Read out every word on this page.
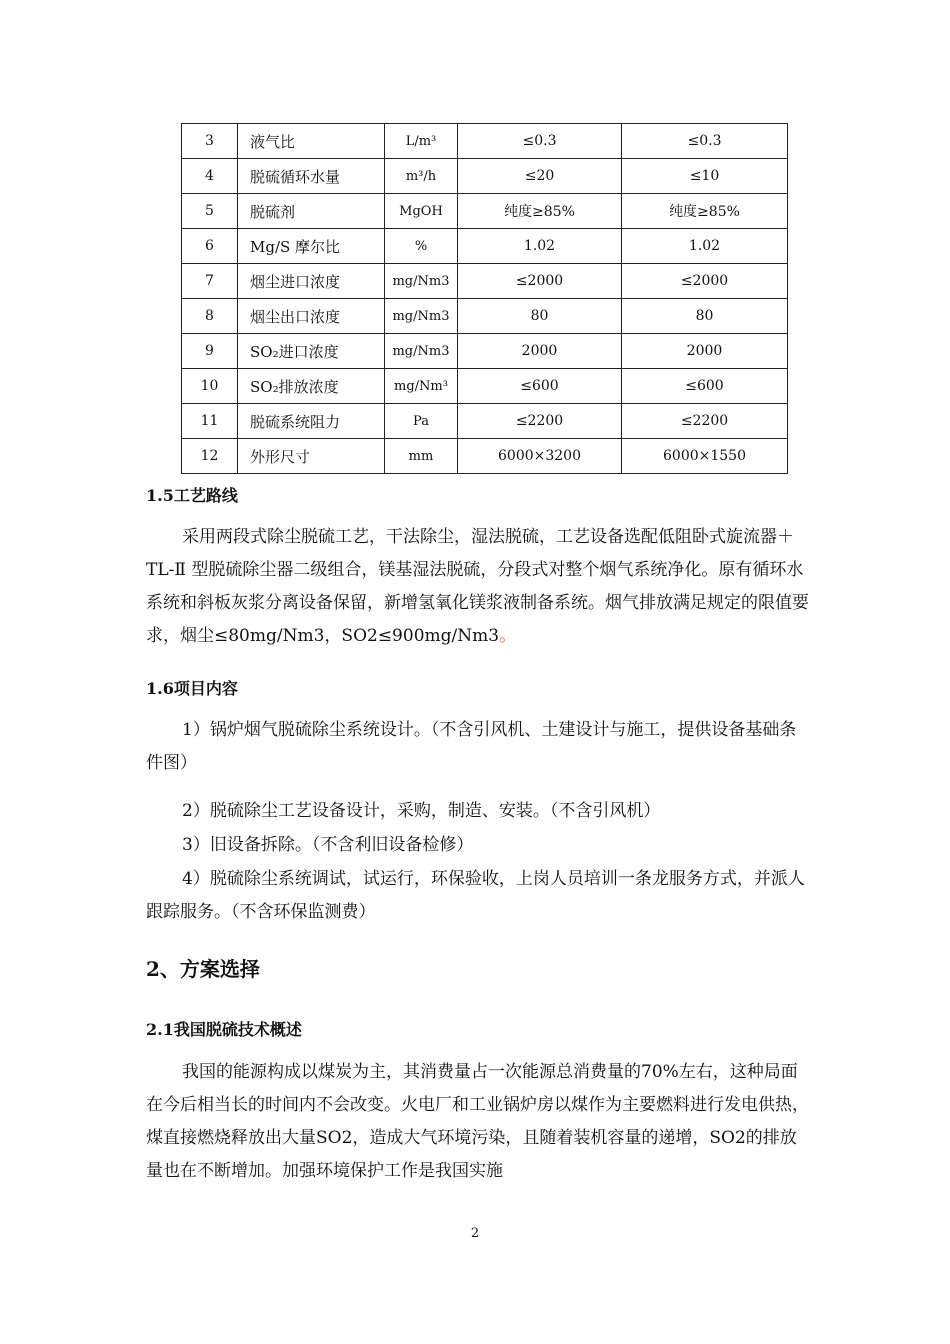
3	液气比	L/m³	≤0.3	≤0.3
4	脱硫循环水量	m³/h	≤20	≤10
5	脱硫剂	MgOH	纯度≥85%	纯度≥85%
6	Mg/S 摩尔比	%	1.02	1.02
7	烟尘进口浓度	mg/Nm3	≤2000	≤2000
8	烟尘出口浓度	mg/Nm3	80	80
9	SO₂进口浓度	mg/Nm3	2000	2000
10	SO₂排放浓度	mg/Nm³	≤600	≤600
11	脱硫系统阻力	Pa	≤2200	≤2200
12	外形尺寸	mm	6000×3200	6000×1550
1.5工艺路线
采用两段式除尘脱硫工艺，干法除尘，湿法脱硫，工艺设备选配低阻卧式旋流器＋TL-Ⅱ 型脱硫除尘器二级组合，镁基湿法脱硫，分段式对整个烟气系统净化。原有循环水系统和斜板灰浆分离设备保留，新增氢氧化镁浆液制备系统。烟气排放满足规定的限值要求，烟尘≤80mg/Nm3，SO2≤900mg/Nm3。
1.6项目内容
1）锅炉烟气脱硫除尘系统设计。（不含引风机、土建设计与施工，提供设备基础条件图）
2）脱硫除尘工艺设备设计，采购，制造、安装。（不含引风机）
3）旧设备拆除。（不含利旧设备检修）
4）脱硫除尘系统调试，试运行，环保验收，上岗人员培训一条龙服务方式，并派人跟踪服务。（不含环保监测费）
2、方案选择
2.1我国脱硫技术概述
我国的能源构成以煤炭为主，其消费量占一次能源总消费量的70%左右，这种局面在今后相当长的时间内不会改变。火电厂和工业锅炉房以煤作为主要燃料进行发电供热，煤直接燃烧释放出大量SO2，造成大气环境污染，且随着装机容量的递增，SO2的排放量也在不断增加。加强环境保护工作是我国实施
2
